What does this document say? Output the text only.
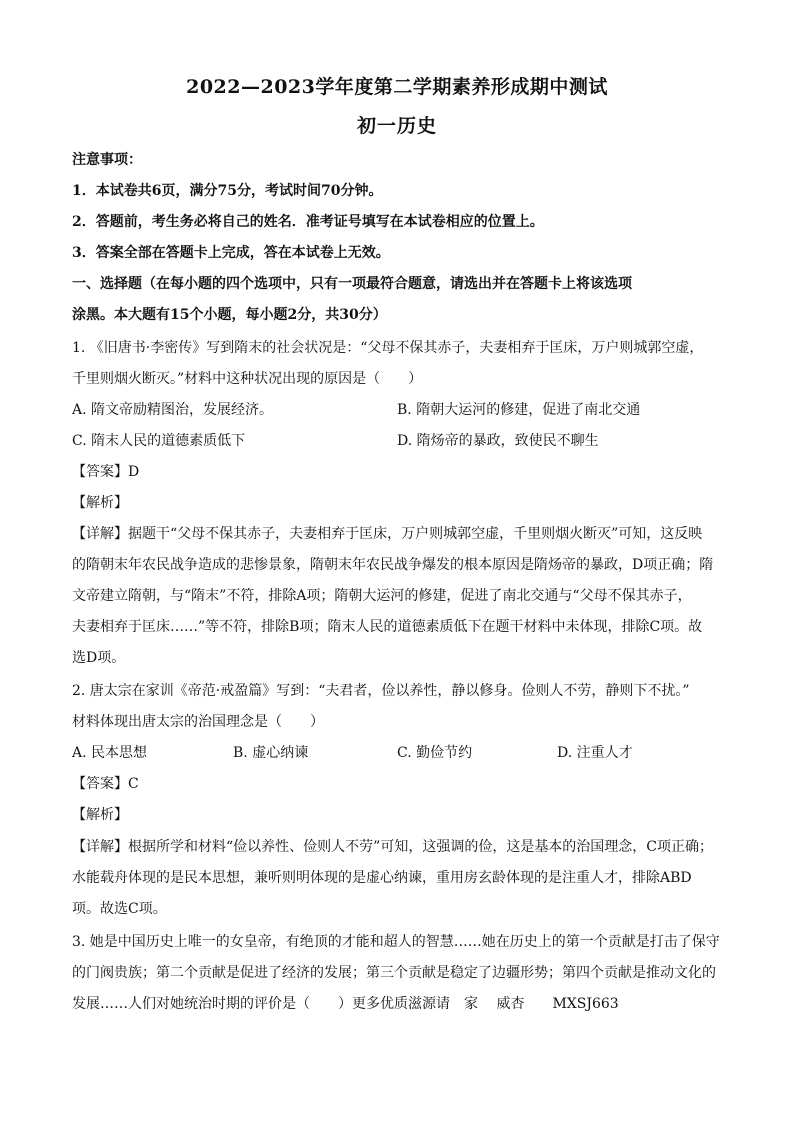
2022—2023学年度第二学期素养形成期中测试
初一历史
注意事项：
1．本试卷共6页，满分75分，考试时间70分钟。
2．答题前，考生务必将自己的姓名．准考证号填写在本试卷相应的位置上。
3．答案全部在答题卡上完成，答在本试卷上无效。
一、选择题（在每小题的四个选项中，只有一项最符合题意，请选出并在答题卡上将该选项
涂黑。本大题有15个小题，每小题2分，共30分）
1. 《旧唐书·李密传》写到隋末的社会状况是：“父母不保其赤子，夫妻相弃于匡床，万户则城郭空虚，
千里则烟火断灭。”材料中这种状况出现的原因是（　　）
A. 隋文帝励精图治，发展经济。	B. 隋朝大运河的修建，促进了南北交通
C. 隋末人民的道德素质低下	D. 隋炀帝的暴政，致使民不聊生
【答案】D
【解析】
【详解】据题干“父母不保其赤子，夫妻相弃于匡床，万户则城郭空虚，千里则烟火断灭”可知，这反映
的隋朝末年农民战争造成的悲惨景象，隋朝末年农民战争爆发的根本原因是隋炀帝的暴政，D项正确；隋
文帝建立隋朝，与“隋末”不符，排除A项；隋朝大运河的修建，促进了南北交通与“父母不保其赤子，
夫妻相弃于匡床……”等不符，排除B项；隋末人民的道德素质低下在题干材料中未体现，排除C项。故
选D项。
2. 唐太宗在家训《帝范·戒盈篇》写到：“夫君者，俭以养性，静以修身。俭则人不劳，静则下不扰。”
材料体现出唐太宗的治国理念是（　　）
A. 民本思想	B. 虚心纳谏	C. 勤俭节约	D. 注重人才
【答案】C
【解析】
【详解】根据所学和材料“俭以养性、俭则人不劳”可知，这强调的俭，这是基本的治国理念，C项正确；
水能载舟体现的是民本思想，兼听则明体现的是虚心纳谏，重用房玄龄体现的是注重人才，排除ABD
项。故选C项。
3. 她是中国历史上唯一的女皇帝，有绝顶的才能和超人的智慧……她在历史上的第一个贡献是打击了保守
的门阀贵族；第二个贡献是促进了经济的发展；第三个贡献是稳定了边疆形势；第四个贡献是推动文化的
发展……人们对她统治时期的评价是（　　）更多优质滋源请　家　 威杏　　MXSJ663
